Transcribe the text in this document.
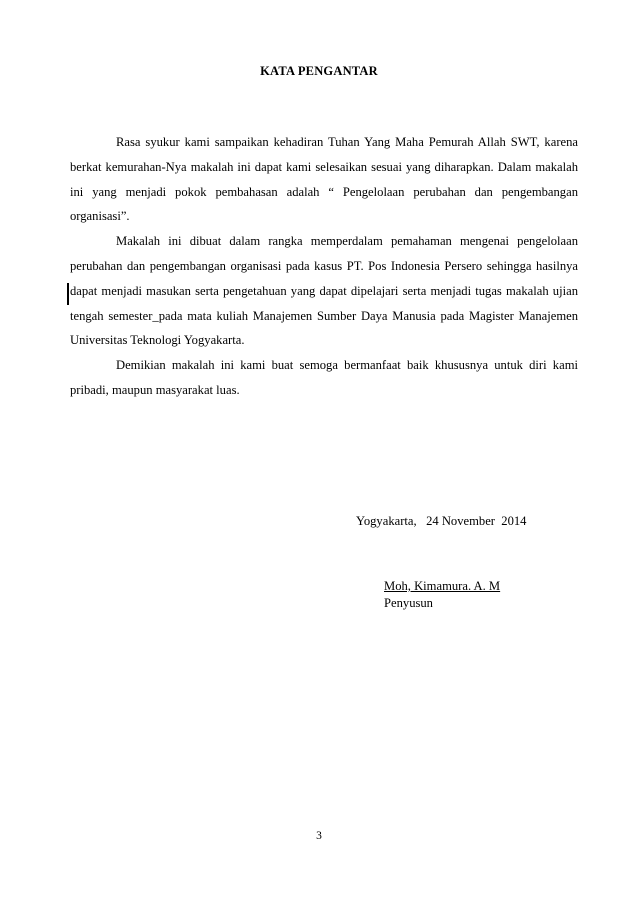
KATA PENGANTAR

Rasa syukur kami sampaikan kehadiran Tuhan Yang Maha Pemurah Allah SWT, karena berkat kemurahan-Nya makalah ini dapat kami selesaikan sesuai yang diharapkan. Dalam makalah ini yang menjadi pokok pembahasan adalah “ Pengelolaan perubahan dan pengembangan organisasi”.

Makalah ini dibuat dalam rangka memperdalam pemahaman mengenai pengelolaan perubahan dan pengembangan organisasi pada kasus PT. Pos Indonesia Persero sehingga hasilnya dapat menjadi masukan serta pengetahuan yang dapat dipelajari serta menjadi tugas makalah ujian tengah semester_pada mata kuliah Manajemen Sumber Daya Manusia pada Magister Manajemen Universitas Teknologi Yogyakarta.

Demikian makalah ini kami buat semoga bermanfaat baik khususnya untuk diri kami pribadi, maupun masyarakat luas.

Yogyakarta,   24 November  2014
Moh, Kimamura. A. M
Penyusun
3
